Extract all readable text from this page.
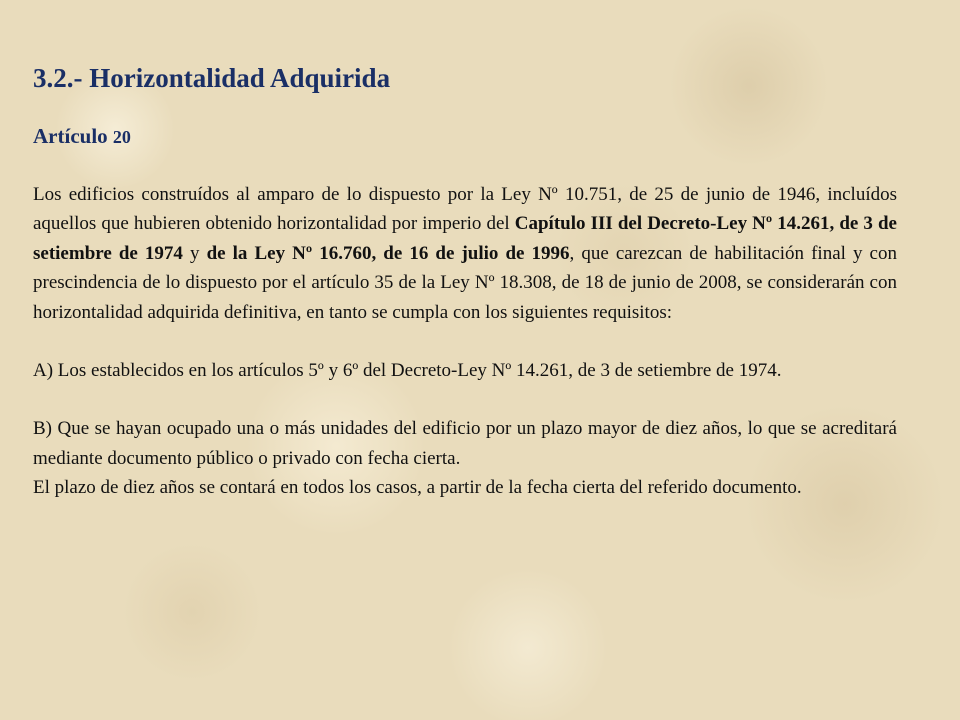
3.2.- Horizontalidad Adquirida
Artículo 20

Los edificios construídos al amparo de lo dispuesto por la Ley Nº 10.751, de 25 de junio de 1946, incluídos aquellos que hubieren obtenido horizontalidad por imperio del Capítulo III del Decreto-Ley Nº 14.261, de 3 de setiembre de 1974 y de la Ley Nº 16.760, de 16 de julio de 1996, que carezcan de habilitación final y con prescindencia de lo dispuesto por el artículo 35 de la Ley Nº 18.308, de 18 de junio de 2008, se considerarán con horizontalidad adquirida definitiva, en tanto se cumpla con los siguientes requisitos:

A) Los establecidos en los artículos 5º y 6º del Decreto-Ley Nº 14.261, de 3 de setiembre de 1974.

B) Que se hayan ocupado una o más unidades del edificio por un plazo mayor de diez años, lo que se acreditará mediante documento público o privado con fecha cierta.

El plazo de diez años se contará en todos los casos, a partir de la fecha cierta del referido documento.
